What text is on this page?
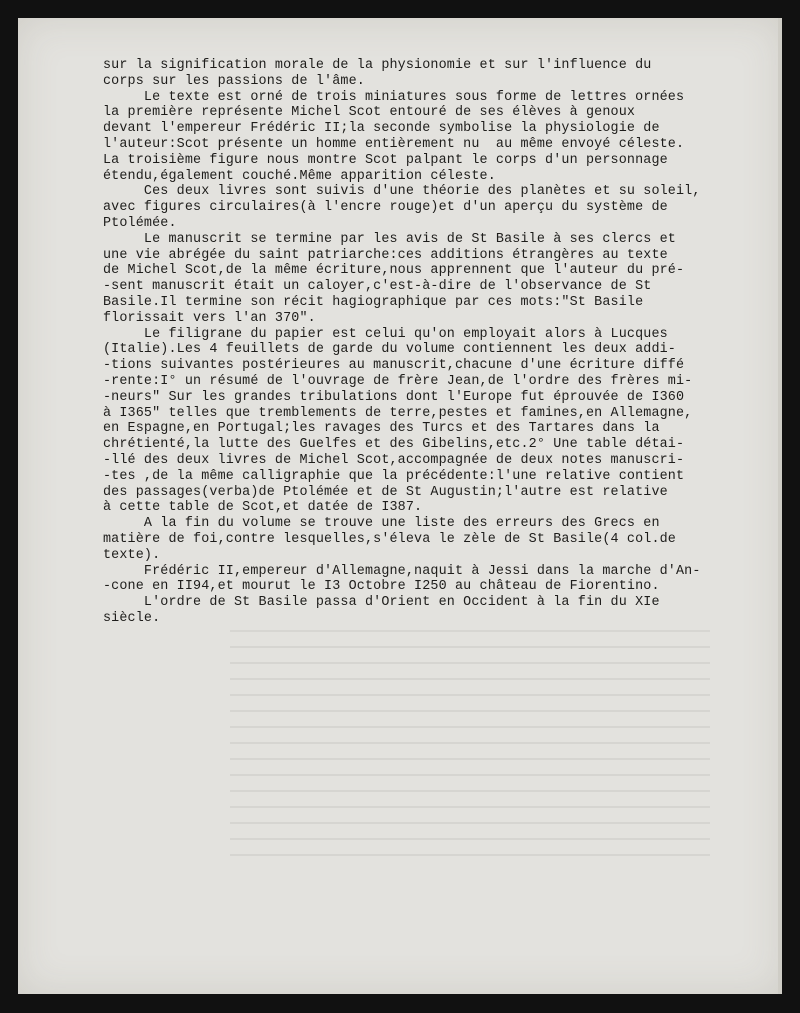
sur la signification morale de la physionomie et sur l'influence du
corps sur les passions de l'âme.
Le texte est orné de trois miniatures sous forme de lettres ornées
la première représente Michel Scot entouré de ses élèves à genoux
devant l'empereur Frédéric II;la seconde symbolise la physiologie de
l'auteur:Scot présente un homme entièrement nu  au même envoyé céleste.
La troisième figure nous montre Scot palpant le corps d'un personnage
étendu,également couché.Même apparition céleste.
Ces deux livres sont suivis d'une théorie des planètes et su soleil,
avec figures circulaires(à l'encre rouge)et d'un aperçu du système de
Ptolémée.
Le manuscrit se termine par les avis de St Basile à ses clercs et
une vie abrégée du saint patriarche:ces additions étrangères au texte
de Michel Scot,de la même écriture,nous apprennent que l'auteur du pré-
-sent manuscrit était un caloyer,c'est-à-dire de l'observance de St
Basile.Il termine son récit hagiographique par ces mots:"St Basile
florissait vers l'an 370".
Le filigrane du papier est celui qu'on employait alors à Lucques
(Italie).Les 4 feuillets de garde du volume contiennent les deux addi-
-tions suivantes postérieures au manuscrit,chacune d'une écriture diffé
-rente:I° un résumé de l'ouvrage de frère Jean,de l'ordre des frères mi-
-neurs" Sur les grandes tribulations dont l'Europe fut éprouvée de I360
à I365" telles que tremblements de terre,pestes et famines,en Allemagne,
en Espagne,en Portugal;les ravages des Turcs et des Tartares dans la
chrétienté,la lutte des Guelfes et des Gibelins,etc.2° Une table détai-
-llé des deux livres de Michel Scot,accompagnée de deux notes manuscri-
-tes ,de la même calligraphie que la précédente:l'une relative contient
des passages(verba)de Ptolémée et de St Augustin;l'autre est relative
à cette table de Scot,et datée de I387.
A la fin du volume se trouve une liste des erreurs des Grecs en
matière de foi,contre lesquelles,s'éleva le zèle de St Basile(4 col.de
texte).
Frédéric II,empereur d'Allemagne,naquit à Jessi dans la marche d'An-
-cone en II94,et mourut le I3 Octobre I250 au château de Fiorentino.
L'ordre de St Basile passa d'Orient en Occident à la fin du XIe
siècle.
